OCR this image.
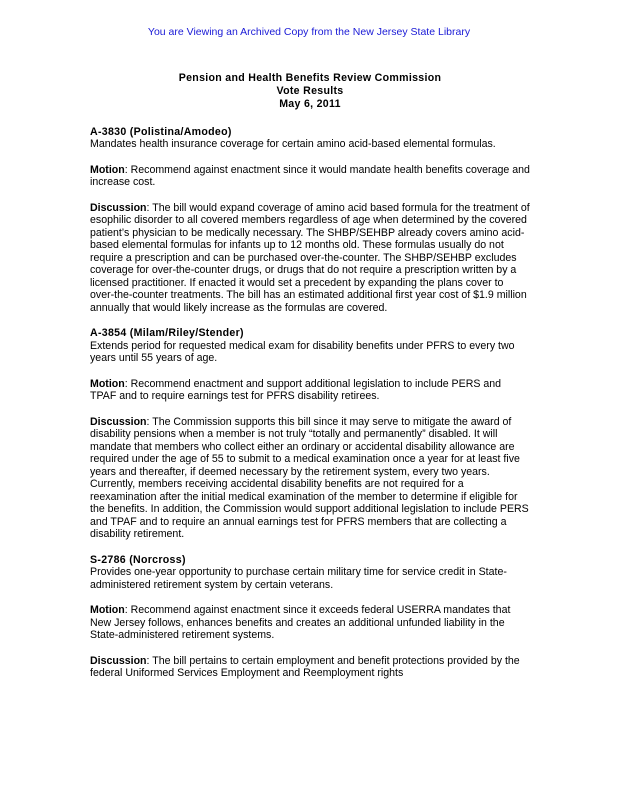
You are Viewing an Archived Copy from the New Jersey State Library
Pension and Health Benefits Review Commission
Vote Results
May 6, 2011

A-3830 (Polistina/Amodeo)
Mandates health insurance coverage for certain amino acid-based elemental formulas.

Motion: Recommend against enactment since it would mandate health benefits coverage and increase cost.

Discussion: The bill would expand coverage of amino acid based formula for the treatment of esophilic disorder to all covered members regardless of age when determined by the covered patient’s physician to be medically necessary. The SHBP/SEHBP already covers amino acid-based elemental formulas for infants up to 12 months old. These formulas usually do not require a prescription and can be purchased over-the-counter. The SHBP/SEHBP excludes coverage for over-the-counter drugs, or drugs that do not require a prescription written by a licensed practitioner. If enacted it would set a precedent by expanding the plans cover to over-the-counter treatments. The bill has an estimated additional first year cost of $1.9 million annually that would likely increase as the formulas are covered.

A-3854 (Milam/Riley/Stender)
Extends period for requested medical exam for disability benefits under PFRS to every two years until 55 years of age.

Motion: Recommend enactment and support additional legislation to include PERS and TPAF and to require earnings test for PFRS disability retirees.

Discussion: The Commission supports this bill since it may serve to mitigate the award of disability pensions when a member is not truly “totally and permanently” disabled. It will mandate that members who collect either an ordinary or accidental disability allowance are required under the age of 55 to submit to a medical examination once a year for at least five years and thereafter, if deemed necessary by the retirement system, every two years. Currently, members receiving accidental disability benefits are not required for a reexamination after the initial medical examination of the member to determine if eligible for the benefits. In addition, the Commission would support additional legislation to include PERS and TPAF and to require an annual earnings test for PFRS members that are collecting a disability retirement.

S-2786 (Norcross)
Provides one-year opportunity to purchase certain military time for service credit in State-administered retirement system by certain veterans.

Motion: Recommend against enactment since it exceeds federal USERRA mandates that New Jersey follows, enhances benefits and creates an additional unfunded liability in the State-administered retirement systems.

Discussion: The bill pertains to certain employment and benefit protections provided by the federal Uniformed Services Employment and Reemployment rights
